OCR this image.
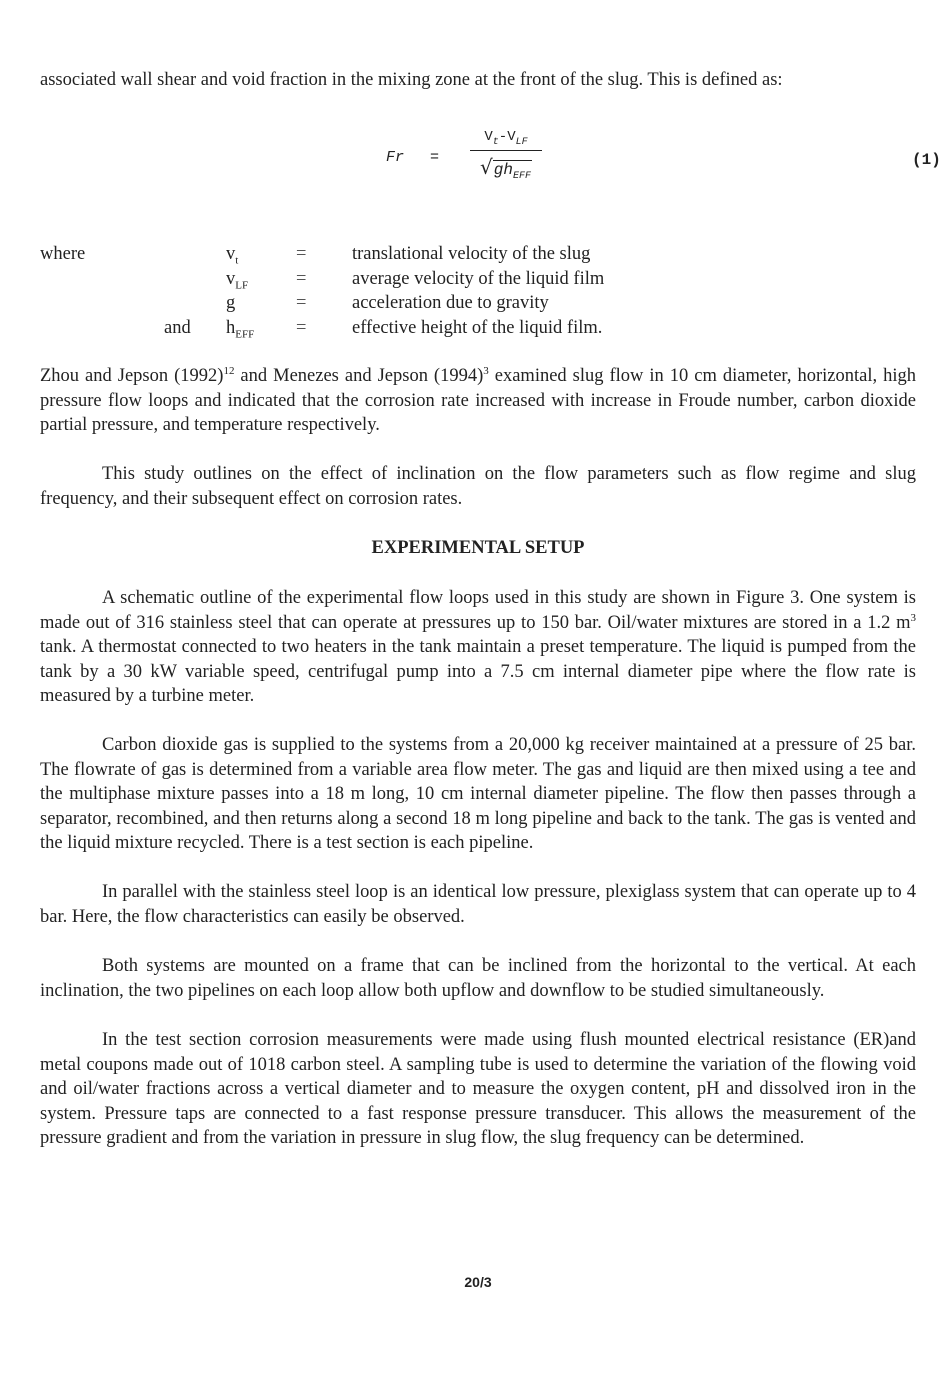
associated wall shear and void fraction in the mixing zone at the front of the slug. This is defined as:

Fr =
$V_t-V_{LF}$
$√gh_{EFF}$
(1)
where	$v_t$	= translational velocity of the slug
$v_{LF}$	= average velocity of the liquid film
g	= acceleration due to gravity
and $h_{EFF}$ = effective height of the liquid film.

Zhou and Jepson $(1992)^{12}$ and Menezes and Jepson $(1994)^3$ examined slug flow in 10 cm diameter, horizontal, high pressure flow loops and indicated that the corrosion rate increased with increase in Froude number, carbon dioxide partial pressure, and temperature respectively.

This study outlines on the effect of inclination on the flow parameters such as flow regime and slug frequency, and their subsequent effect on corrosion rates.

EXPERIMENTAL SETUP

A schematic outline of the experimental flow loops used in this study are shown in Figure 3. One system is made out of 316 stainless steel that can operate at pressures up to 150 bar. Oil/water mixtures are stored in a 1.2 $m^3$ tank. A thermostat connected to two heaters in the tank maintain a preset temperature. The liquid is pumped from the tank by a 30 kW variable speed, centrifugal pump into a 7.5 cm internal diameter pipe where the flow rate is measured by a turbine meter.

Carbon dioxide gas is supplied to the systems from a 20,000 kg receiver maintained at a pressure of 25 bar. The flowrate of gas is determined from a variable area flow meter. The gas and liquid are then mixed using a tee and the multiphase mixture passes into a 18 m long, 10 cm internal diameter pipeline. The flow then passes through a separator, recombined, and then returns along a second 18 m long pipeline and back to the tank. The gas is vented and the liquid mixture recycled. There is a test section is each pipeline.

In parallel with the stainless steel loop is an identical low pressure, plexiglass system that can operate up to 4 bar. Here, the flow characteristics can easily be observed.

Both systems are mounted on a frame that can be inclined from the horizontal to the vertical. At each inclination, the two pipelines on each loop allow both upflow and downflow to be studied simultaneously.

In the test section corrosion measurements were made using flush mounted electrical resistance (ER)and metal coupons made out of 1018 carbon steel. A sampling tube is used to determine the variation of the flowing void and oil/water fractions across a vertical diameter and to measure the oxygen content, pH and dissolved iron in the system. Pressure taps are connected to a fast response pressure transducer. This allows the measurement of the pressure gradient and from the variation in pressure in slug flow, the slug frequency can be determined.

20/3
